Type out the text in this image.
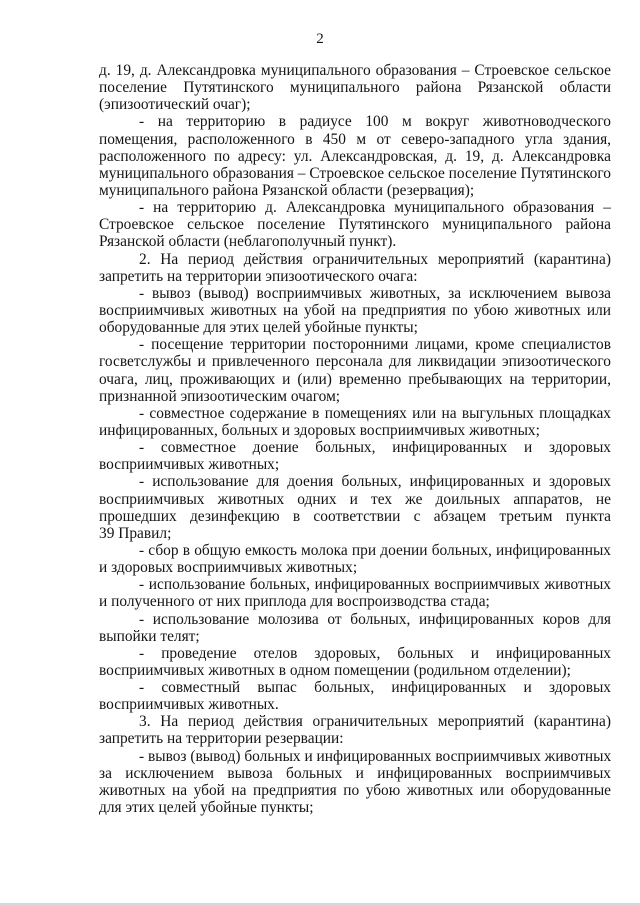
2
д. 19, д. Александровка муниципального образования – Строевское сельское
поселение Путятинского муниципального района Рязанской области
(эпизоотический очаг);
- на территорию в радиусе 100 м вокруг животноводческого
помещения, расположенного в 450 м от северо-западного угла здания,
расположенного по адресу: ул. Александровская, д. 19, д. Александровка
муниципального образования – Строевское сельское поселение Путятинского
муниципального района Рязанской области (резервация);
- на территорию д. Александровка муниципального образования –
Строевское сельское поселение Путятинского муниципального района
Рязанской области (неблагополучный пункт).
2. На период действия ограничительных мероприятий (карантина)
запретить на территории эпизоотического очага:
- вывоз (вывод) восприимчивых животных, за исключением вывоза
восприимчивых животных на убой на предприятия по убою животных или
оборудованные для этих целей убойные пункты;
- посещение территории посторонними лицами, кроме специалистов
госветслужбы и привлеченного персонала для ликвидации эпизоотического
очага, лиц, проживающих и (или) временно пребывающих на территории,
признанной эпизоотическим очагом;
- совместное содержание в помещениях или на выгульных площадках
инфицированных, больных и здоровых восприимчивых животных;
- совместное доение больных, инфицированных и здоровых
восприимчивых животных;
- использование для доения больных, инфицированных и здоровых
восприимчивых животных одних и тех же доильных аппаратов, не
прошедших дезинфекцию в соответствии с абзацем третьим пункта
39 Правил;
- сбор в общую емкость молока при доении больных, инфицированных
и здоровых восприимчивых животных;
- использование больных, инфицированных восприимчивых животных
и полученного от них приплода для воспроизводства стада;
- использование молозива от больных, инфицированных коров для
выпойки телят;
- проведение отелов здоровых, больных и инфицированных
восприимчивых животных в одном помещении (родильном отделении);
- совместный выпас больных, инфицированных и здоровых
восприимчивых животных.
3. На период действия ограничительных мероприятий (карантина)
запретить на территории резервации:
- вывоз (вывод) больных и инфицированных восприимчивых животных
за исключением вывоза больных и инфицированных восприимчивых
животных на убой на предприятия по убою животных или оборудованные
для этих целей убойные пункты;
